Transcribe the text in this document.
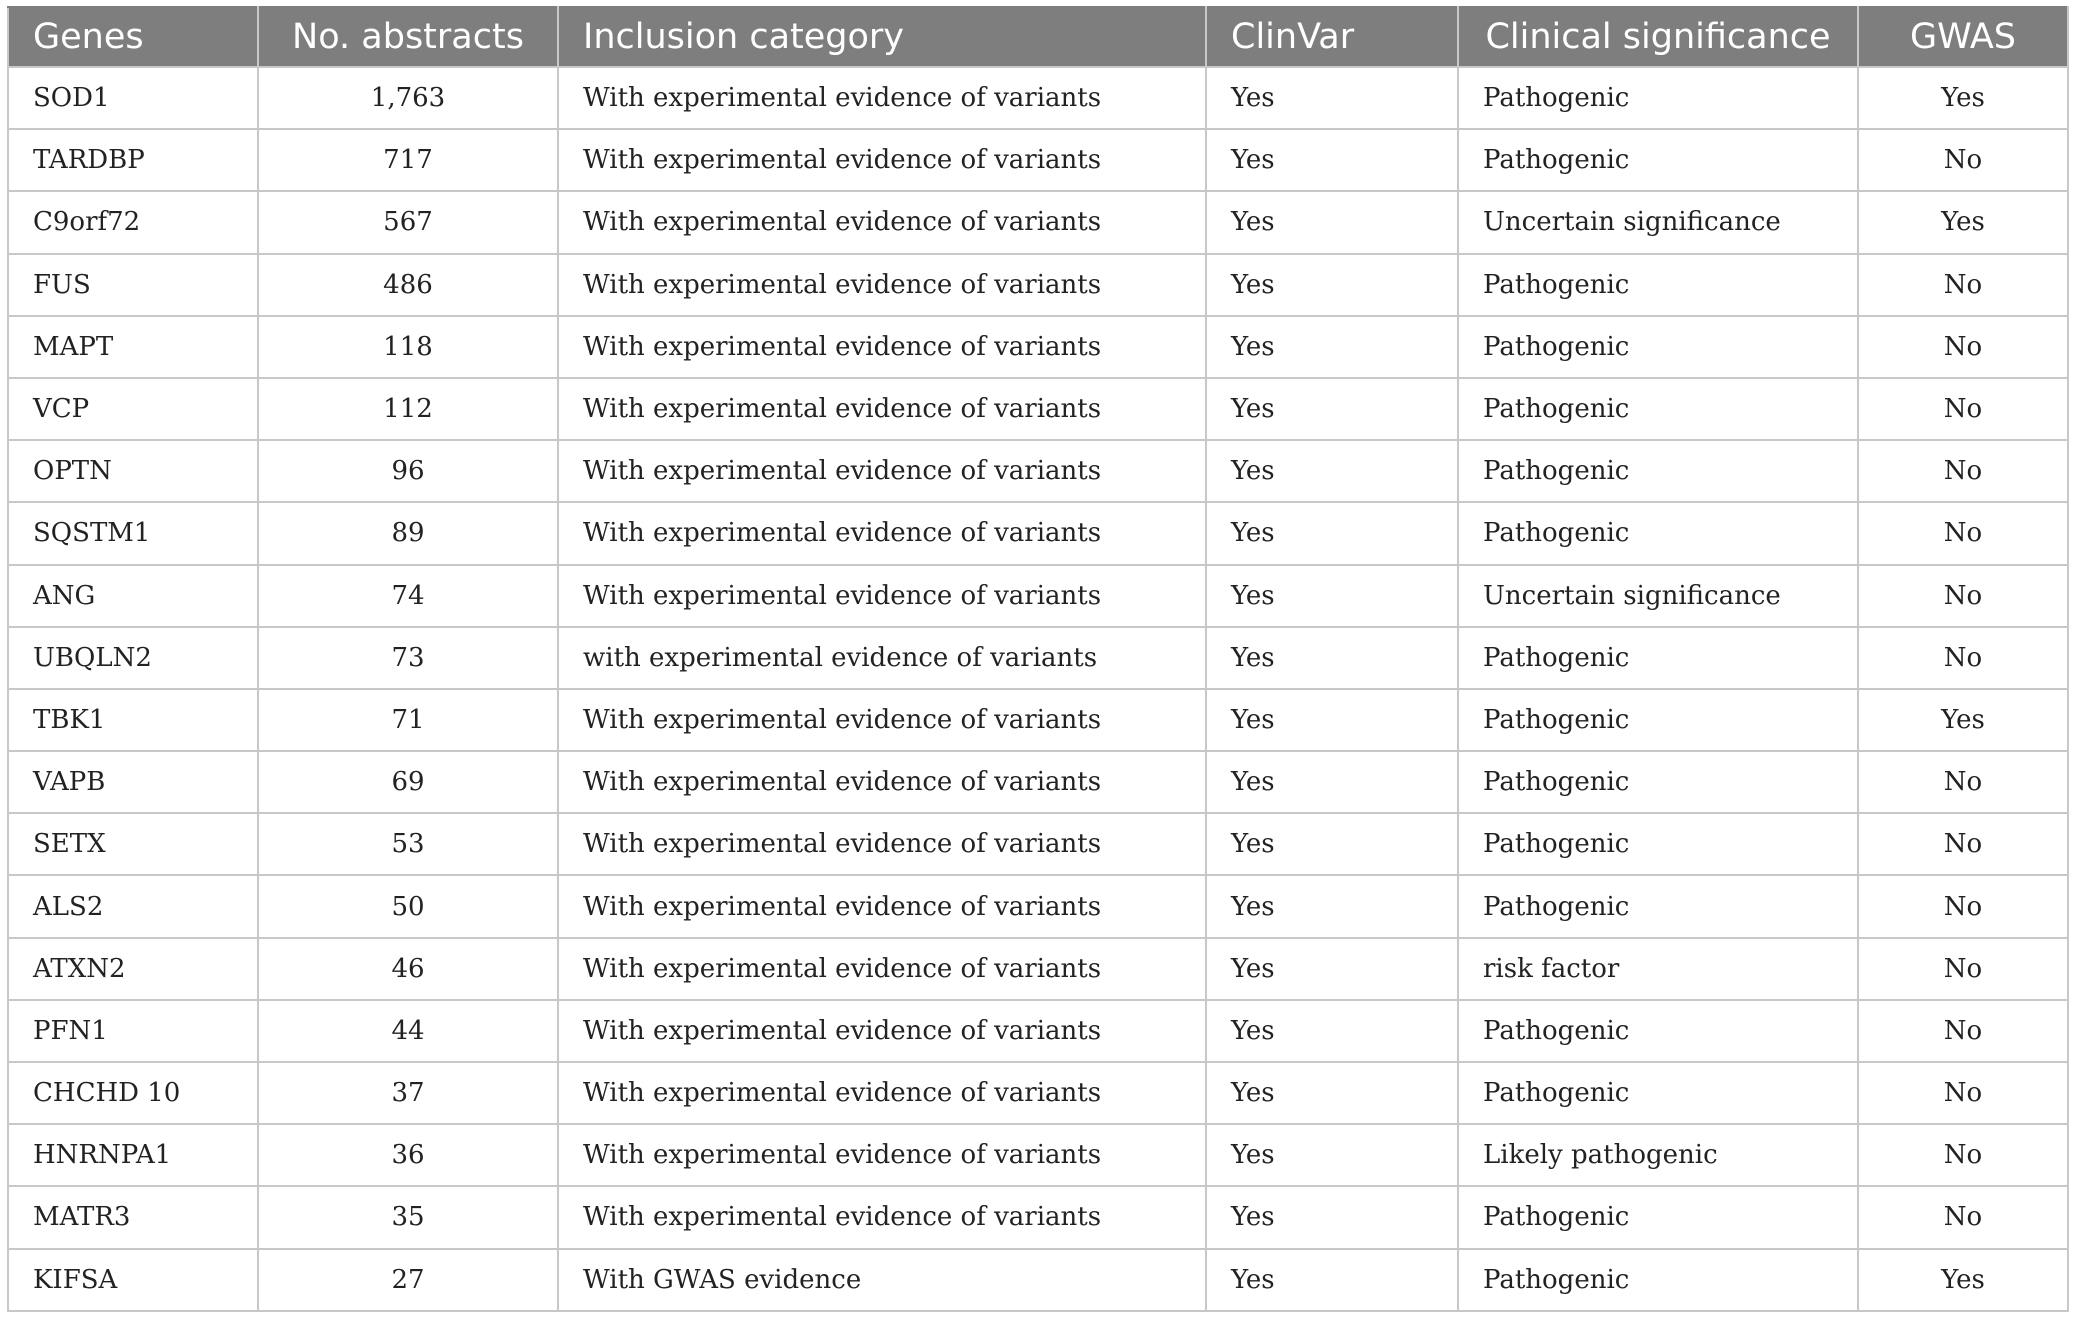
Genes	No. abstracts	Inclusion category	ClinVar	Clinical significance	GWAS
SOD1	1,763	With experimental evidence of variants	Yes	Pathogenic	Yes
TARDBP	717	With experimental evidence of variants	Yes	Pathogenic	No
C9orf72	567	With experimental evidence of variants	Yes	Uncertain significance	Yes
FUS	486	With experimental evidence of variants	Yes	Pathogenic	No
MAPT	118	With experimental evidence of variants	Yes	Pathogenic	No
VCP	112	With experimental evidence of variants	Yes	Pathogenic	No
OPTN	96	With experimental evidence of variants	Yes	Pathogenic	No
SQSTM1	89	With experimental evidence of variants	Yes	Pathogenic	No
ANG	74	With experimental evidence of variants	Yes	Uncertain significance	No
UBQLN2	73	with experimental evidence of variants	Yes	Pathogenic	No
TBK1	71	With experimental evidence of variants	Yes	Pathogenic	Yes
VAPB	69	With experimental evidence of variants	Yes	Pathogenic	No
SETX	53	With experimental evidence of variants	Yes	Pathogenic	No
ALS2	50	With experimental evidence of variants	Yes	Pathogenic	No
ATXN2	46	With experimental evidence of variants	Yes	risk factor	No
PFN1	44	With experimental evidence of variants	Yes	Pathogenic	No
CHCHD 10	37	With experimental evidence of variants	Yes	Pathogenic	No
HNRNPA1	36	With experimental evidence of variants	Yes	Likely pathogenic	No
MATR3	35	With experimental evidence of variants	Yes	Pathogenic	No
KIFSA	27	With GWAS evidence	Yes	Pathogenic	Yes
